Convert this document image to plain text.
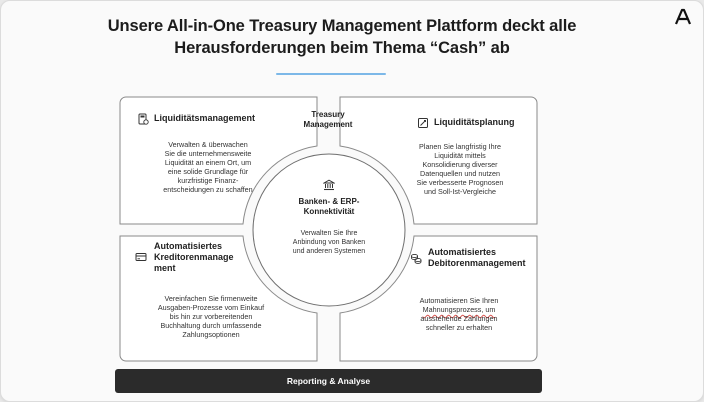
Unsere All-in-One Treasury Management Plattform deckt alle
Herausforderungen beim Thema “Cash” ab
Treasury
Management
Liquiditätsmanagement
Verwalten & überwachen
Sie die unternehmensweite
Liquidität an einem Ort, um
eine solide Grundlage für
kurzfristige Finanz-
entscheidungen zu schaffen
Liquiditätsplanung
Planen Sie langfristig Ihre
Liquidität mittels
Konsolidierung diverser
Datenquellen und nutzen
Sie verbesserte Prognosen
und Soll-Ist-Vergleiche
Banken- & ERP-
Konnektivität
Verwalten Sie Ihre
Anbindung von Banken
und anderen Systemen
Automatisiertes
Kreditorenmanage
ment
Vereinfachen Sie firmenweite
Ausgaben-Prozesse vom Einkauf
bis hin zur vorbereitenden
Buchhaltung durch umfassende
Zahlungsoptionen
Automatisiertes
Debitorenmanagement
Automatisieren Sie Ihren
Mahnungsprozess, um
ausstehende Zahlungen
schneller zu erhalten
Reporting & Analyse
